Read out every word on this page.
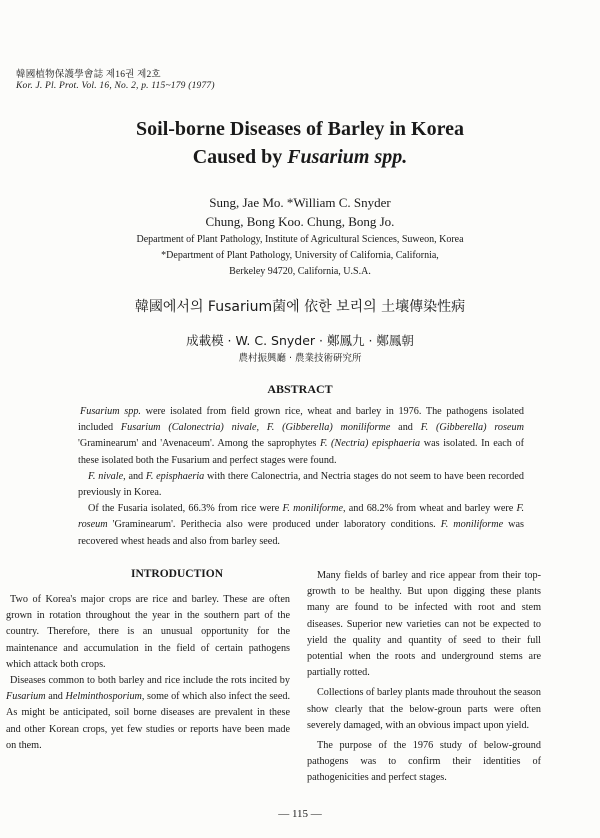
韓國植物保護學會誌 제16권 제2호
Kor. J. Pl. Prot. Vol. 16, No. 2, p. 115~179 (1977)
Soil-borne Diseases of Barley in Korea
Caused by Fusarium spp.
Sung, Jae Mo. *William C. Snyder
Chung, Bong Koo. Chung, Bong Jo.
Department of Plant Pathology, Institute of Agricultural Sciences, Suweon, Korea
*Department of Plant Pathology, University of California, California,
Berkeley 94720, California, U.S.A.
韓國에서의 Fusarium菌에 依한 보리의 土壤傳染性病
成載模 · W. C. Snyder · 鄭鳳九 · 鄭鳳朝
農村振興廳 · 農業技術硏究所
ABSTRACT
Fusarium spp. were isolated from field grown rice, wheat and barley in 1976. The pathogens isolated included Fusarium (Calonectria) nivale, F. (Gibberella) moniliforme and F. (Gibberella) roseum 'Graminearum' and 'Avenaceum'. Among the saprophytes F. (Nectria) episphaeria was isolated. In each of these isolated both the Fusarium and perfect stages were found.
F. nivale, and F. episphaeria with there Calonectria, and Nectria stages do not seem to have been recorded previously in Korea.
Of the Fusaria isolated, 66.3% from rice were F. moniliforme, and 68.2% from wheat and barley were F. roseum 'Graminearum'. Perithecia also were produced under laboratory conditions. F. moniliforme was recovered whest heads and also from barley seed.
INTRODUCTION

Two of Korea's major crops are rice and barley. These are often grown in rotation throughout the year in the southern part of the country. Therefore, there is an unusual opportunity for the maintenance and accumulation in the field of certain pathogens which attack both crops.

Diseases common to both barley and rice include the rots incited by Fusarium and Helminthosporium, some of which also infect the seed. As might be anticipated, soil borne diseases are prevalent in these and other Korean crops, yet few studies or reports have been made on them.

Many fields of barley and rice appear from their top-growth to be healthy. But upon digging these plants many are found to be infected with root and stem diseases. Superior new varieties can not be expected to yield the quality and quantity of seed to their full potential when the roots and underground stems are partially rotted.

Collections of barley plants made throuhout the season show clearly that the below-groun parts were often severely damaged, with an obvious impact upon yield.

The purpose of the 1976 study of below-ground pathogens was to confirm their identities of pathogenicities and perfect stages.

— 115 —
